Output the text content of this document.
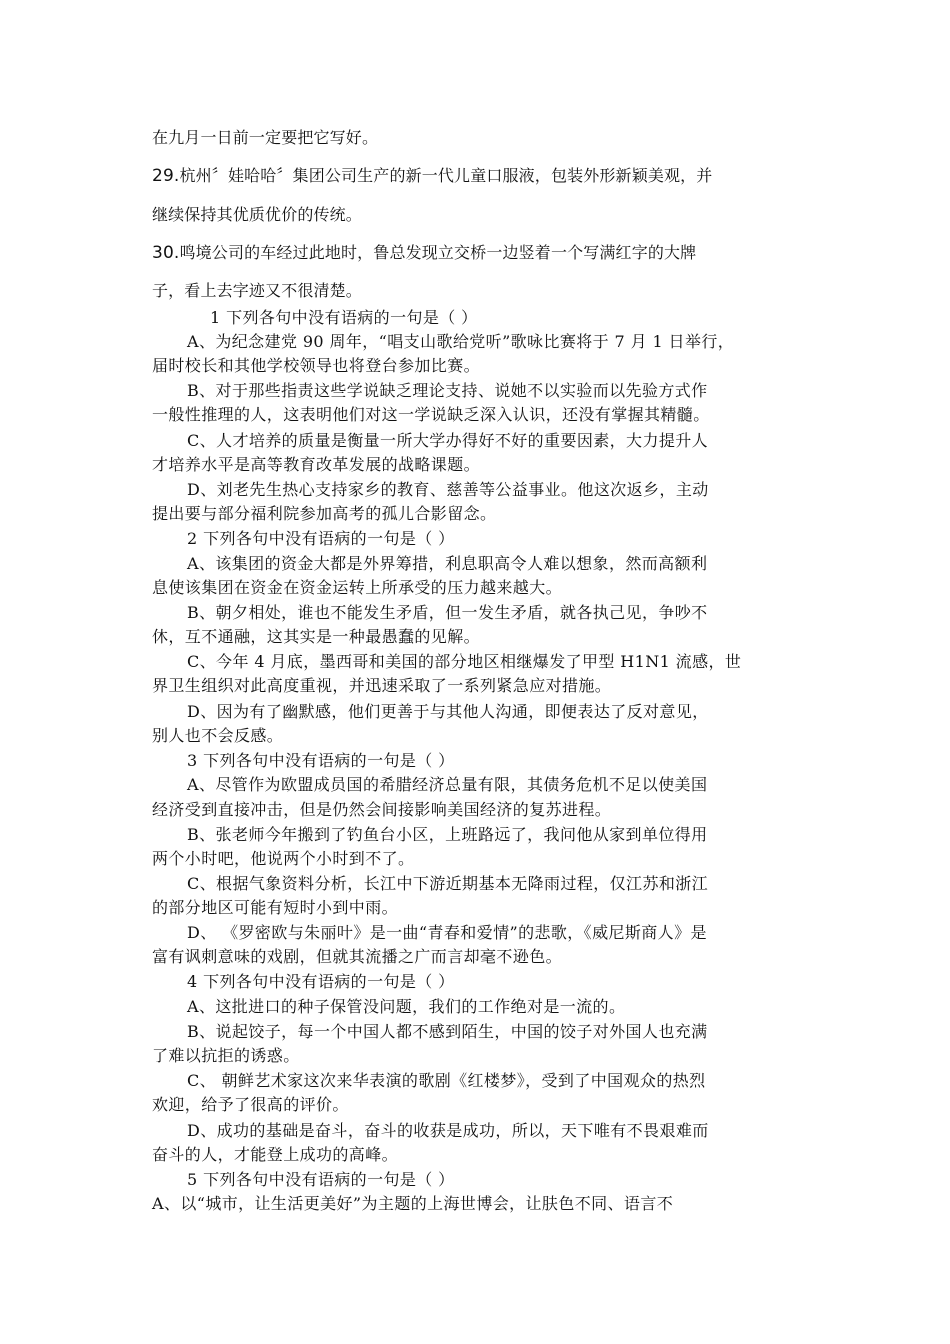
在九月一日前一定要把它写好。

29.杭州〞娃哈哈〞集团公司生产的新一代儿童口服液，包装外形新颖美观，并

继续保持其优质优价的传统。

30.鸣境公司的车经过此地时，鲁总发现立交桥一边竖着一个写满红字的大牌

子，看上去字迹又不很清楚。

1 下列各句中没有语病的一句是（ ）

A、为纪念建党 90 周年，“唱支山歌给党听”歌咏比赛将于 7 月 1 日举行，

届时校长和其他学校领导也将登台参加比赛。

B、对于那些指责这些学说缺乏理论支持、说她不以实验而以先验方式作

一般性推理的人，这表明他们对这一学说缺乏深入认识，还没有掌握其精髓。

C、人才培养的质量是衡量一所大学办得好不好的重要因素，大力提升人

才培养水平是高等教育改革发展的战略课题。

D、刘老先生热心支持家乡的教育、慈善等公益事业。他这次返乡，主动

提出要与部分福利院参加高考的孤儿合影留念。

2 下列各句中没有语病的一句是（ ）

A、该集团的资金大都是外界筹措，利息职高令人难以想象，然而高额利

息使该集团在资金在资金运转上所承受的压力越来越大。

B、朝夕相处，谁也不能发生矛盾，但一发生矛盾，就各执己见，争吵不

休，互不通融，这其实是一种最愚蠢的见解。

C、今年 4 月底，墨西哥和美国的部分地区相继爆发了甲型 H1N1 流感，世

界卫生组织对此高度重视，并迅速采取了一系列紧急应对措施。

D、因为有了幽默感，他们更善于与其他人沟通，即便表达了反对意见，

别人也不会反感。

3 下列各句中没有语病的一句是（ ）

A、尽管作为欧盟成员国的希腊经济总量有限，其债务危机不足以使美国

经济受到直接冲击，但是仍然会间接影响美国经济的复苏进程。

B、张老师今年搬到了钓鱼台小区，上班路远了，我问他从家到单位得用

两个小时吧，他说两个小时到不了。

C、根据气象资料分析，长江中下游近期基本无降雨过程，仅江苏和浙江

的部分地区可能有短时小到中雨。

D、 《罗密欧与朱丽叶》是一曲“青春和爱情”的悲歌，《威尼斯商人》是

富有讽刺意味的戏剧，但就其流播之广而言却毫不逊色。

4 下列各句中没有语病的一句是（ ）

A、这批进口的种子保管没问题，我们的工作绝对是一流的。

B、说起饺子，每一个中国人都不感到陌生，中国的饺子对外国人也充满

了难以抗拒的诱惑。

C、 朝鲜艺术家这次来华表演的歌剧《红楼梦》，受到了中国观众的热烈

欢迎，给予了很高的评价。

D、成功的基础是奋斗，奋斗的收获是成功，所以，天下唯有不畏艰难而

奋斗的人，才能登上成功的高峰。

5 下列各句中没有语病的一句是（ ）

A、以“城市，让生活更美好”为主题的上海世博会，让肤色不同、语言不
